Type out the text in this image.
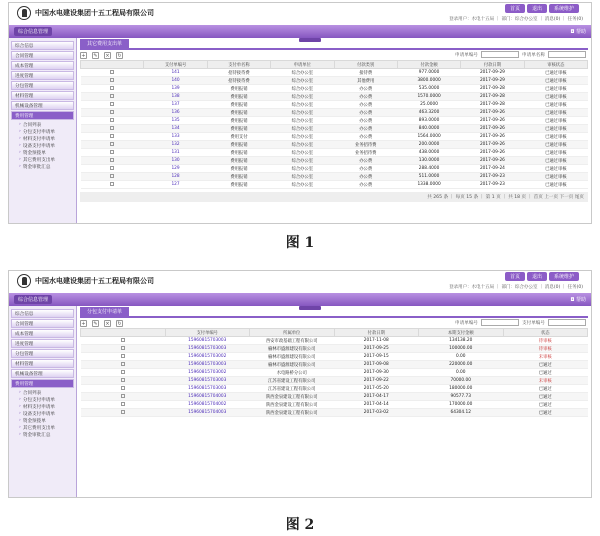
中国水电建设集团十五工程局有限公司	首页	退出	系统维护
登录用户：水电十五局 ｜ 部门：综合办公室 ｜ 消息(0) ｜ 任务(0)
综合信息管理	◘ 帮助
综合信息
合同管理
成本管理
进度管理
分包管理
材料管理
机械设备管理
费用管理
› 合同列表
› 分包支付申请单
› 材料支付申请单
› 设备支付申请单
› 资金预拨单
› 其它费用支出单
› 资金审批汇总
其它费用支出单
+ ✎ × ↻	申请单编号	申请单名称
	支付单编号	支付单名称	申请单位	付款类别	付款金额	付款日期	审核状态
	141	招待接待费	综合办公室	接待费	977.0000	2017-09-29	已通过审核
	140	招待接待费	综合办公室	其他费用	3800.0000	2017-09-29	已通过审核
	139	费用报销	综合办公室	办公费	535.0000	2017-09-28	已通过审核
	138	费用报销	综合办公室	办公费	1570.0000	2017-09-28	已通过审核
	137	费用报销	综合办公室	办公费	25.0000	2017-09-28	已通过审核
	136	费用报销	综合办公室	办公费	463.3200	2017-09-26	已通过审核
	135	费用报销	综合办公室	办公费	893.0000	2017-09-26	已通过审核
	134	费用报销	综合办公室	办公费	840.0000	2017-09-26	已通过审核
	133	费用支付	综合办公室	办公费	1564.0000	2017-09-26	已通过审核
	132	费用报销	综合办公室	业务招待费	200.0000	2017-09-26	已通过审核
	131	费用报销	综合办公室	业务招待费	438.0000	2017-09-26	已通过审核
	130	费用报销	综合办公室	办公费	130.0000	2017-09-26	已通过审核
	129	费用报销	综合办公室	办公费	288.4000	2017-09-24	已通过审核
	128	费用报销	综合办公室	办公费	511.0000	2017-09-23	已通过审核
	127	费用报销	综合办公室	办公费	1338.0000	2017-09-23	已通过审核
共 265 条 ｜ 每页 15 条 ｜ 第 1 页 ｜ 共 18 页 ｜ 首页 上一页 下一页 尾页
图 1
中国水电建设集团十五工程局有限公司	首页	退出	系统维护
登录用户：水电十五局 ｜ 部门：综合办公室 ｜ 消息(0) ｜ 任务(0)
综合信息管理	◘ 帮助
综合信息
合同管理
成本管理
进度管理
分包管理
材料管理
机械设备管理
费用管理
› 合同列表
› 分包支付申请单
› 材料支付申请单
› 设备支付申请单
› 资金预拨单
› 其它费用支出单
› 资金审批汇总
分包支付申请单
+ ✎ × ↻	申请单编号	支付单编号
	支付单编号	所属单位	付款日期	本期支付金额	状态
	15960815703003	西安市政基础工程有限公司	2017-11-08	134138.20	待审核
	15960815703003	榆林市盛源建设有限公司	2017-09-25	100000.00	待审核
	15960815703002	榆林市盛源建设有限公司	2017-09-15	0.00	未审核
	15960815703003	榆林市盛源建设有限公司	2017-09-08	220000.00	已通过
	15960815703002	水电路桥分公司	2017-09-30	0.00	已通过
	15960815703003	江苏省建设工程有限公司	2017-09-22	70000.00	未审核
	15960815703003	江苏省建设工程有限公司	2017-05-20	180000.00	已通过
	15960815704003	陕西金泉建设工程有限公司	2017-04-17	90577.73	已通过
	15960815704002	陕西金泉建设工程有限公司	2017-04-14	170000.00	已通过
	15960815704003	陕西金泉建设工程有限公司	2017-03-02	64304.12	已通过
图 2
